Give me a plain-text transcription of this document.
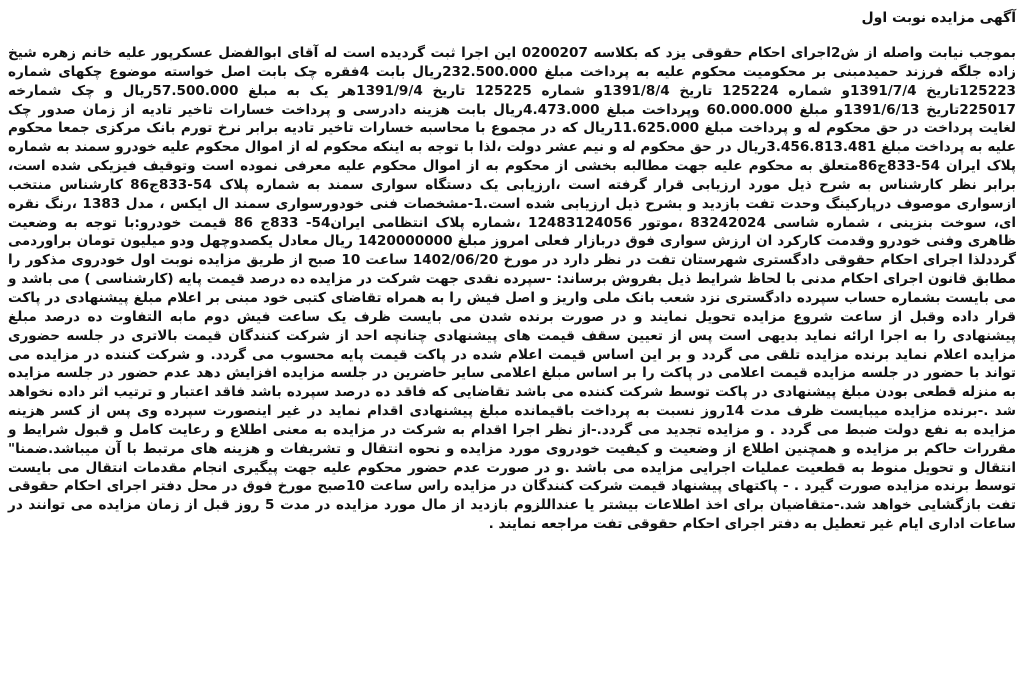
آگهی مزایده نوبت اول

بموجب نیابت واصله از ش2اجرای احکام حقوقی یزد که بکلاسه 0200207 این اجرا ثبت گردیده است له آقای ابوالفضل عسکرپور علیه خانم زهره شیخ زاده جلگه فرزند حمیدمبنی بر محکومیت محکوم علیه به پرداخت مبلغ 232.500.000ریال بابت 4فقره چک بابت اصل خواسته موضوع چکهای شماره 125223تاریخ 1391/7/4و شماره 125224 تاریخ 1391/8/4و شماره 125225 تاریخ 1391/9/4هر یک به مبلغ 57.500.000ریال و چک شمارخه 225017تاریخ 1391/6/13و مبلغ 60.000.000 وپرداخت مبلغ 4.473.000ریال بابت هزینه دادرسی و پرداخت خسارات تاخیر تادیه از زمان صدور چک لغایت پرداخت در حق محکوم له و پرداخت مبلغ 11.625.000ریال که در مجموع با محاسبه خسارات تاخیر تادیه برابر نرخ تورم بانک مرکزی جمعا محکوم علیه به پرداخت مبلغ 3.456.813.481ریال در حق محکوم له و نیم عشر دولت ،لذا با توجه به اینکه محکوم له از اموال محکوم علیه خودرو سمند به شماره پلاک ایران 54-833ج86متعلق به محکوم علیه جهت مطالبه بخشی از محکوم به از اموال محکوم علیه معرفی نموده است وتوقیف فیزیکی شده است، برابر نظر کارشناس به شرح ذیل مورد ارزیابی قرار گرفته است ،ارزیابی یک دستگاه سواری سمند به شماره پلاک 54-833ج86 کارشناس منتخب ازسواری موصوف درپارکینگ وحدت تفت بازدید و بشرح ذیل ارزیابی شده است.1-مشخصات فنی خودورسواری سمند ال ایکس ، مدل 1383 ،رنگ نقره ای، سوخت بنزینی ، شماره شاسی 83242024 ،موتور 12483124056 ،شماره پلاک انتظامی ایران54- 833ج 86 قیمت خودرو:با توجه به وضعیت ظاهری وفنی خودرو وقدمت کارکرد ان ارزش سواری فوق دربازار فعلی امروز مبلغ 1420000000 ریال معادل یکصدوچهل ودو میلیون تومان براوردمی گرددلذا اجرای احکام حقوقی دادگستری شهرستان تفت در نظر دارد در مورخ 1402/06/20 ساعت 10 صبح از طریق مزایده نوبت اول خودروی مذکور را مطابق قانون اجرای احکام مدنی با لحاظ شرایط ذیل بفروش برساند: -سپرده نقدی جهت شرکت در مزایده ده درصد قیمت پایه (کارشناسی ) می باشد و می بایست بشماره حساب سپرده دادگستری نزد شعب بانک ملی واریز و اصل فیش را به همراه تقاضای کتبی خود مبنی بر اعلام مبلغ پیشنهادی در پاکت قرار داده وقبل از ساعت شروع مزایده تحویل نمایند و در صورت برنده شدن می بایست ظرف یک ساعت فیش دوم مابه التفاوت ده درصد مبلغ پیشنهادی را به اجرا ارائه نماید بدیهی است پس از تعیین سقف قیمت های پیشنهادی چنانچه احد از شرکت کنندگان قیمت بالاتری در جلسه حضوری مزایده اعلام نماید برنده مزایده تلقی می گردد و بر این اساس قیمت اعلام شده در پاکت قیمت پایه محسوب می گردد. و شرکت کننده در مزایده می تواند با حضور در جلسه مزایده قیمت اعلامی در پاکت را بر اساس مبلغ اعلامی سایر حاضرین در جلسه مزایده افزایش دهد عدم حضور در جلسه مزایده به منزله قطعی بودن مبلغ پیشنهادی در پاکت توسط شرکت کننده می باشد تقاضایی که فاقد ده درصد سپرده باشد فاقد اعتبار و ترتیب اثر داده نخواهد شد .-برنده مزایده میبایست ظرف مدت 14روز نسبت به پرداخت باقیمانده مبلغ پیشنهادی اقدام نماید در غیر اینصورت سپرده وی پس از کسر هزینه مزایده به نفع دولت ضبط می گردد . و مزایده تجدید می گردد.-از نظر اجرا اقدام به شرکت در مزایده به معنی اطلاع و رعایت کامل و قبول شرایط و مقررات حاکم بر مزایده و همچنین اطلاع از وضعیت و کیفیت خودروی مورد مزایده و نحوه انتقال و تشریفات و هزینه های مرتبط با آن میباشد.ضمنا" انتقال و تحویل منوط به قطعیت عملیات اجرایی مزایده می باشد .و در صورت عدم حضور محکوم علیه جهت پیگیری انجام مقدمات انتقال می بایست توسط برنده مزایده صورت گیرد . - پاکتهای پیشنهاد قیمت شرکت کنندگان در مزایده راس ساعت 10صبح مورخ فوق در محل دفتر اجرای احکام حقوقی تفت بازگشایی خواهد شد.-متقاضیان برای اخذ اطلاعات بیشتر یا عنداللزوم بازدید از مال مورد مزایده در مدت 5 روز قبل از زمان مزایده می توانند در ساعات اداری ایام غیر تعطیل به دفتر اجرای احکام حقوقی تفت مراجعه نمایند .
